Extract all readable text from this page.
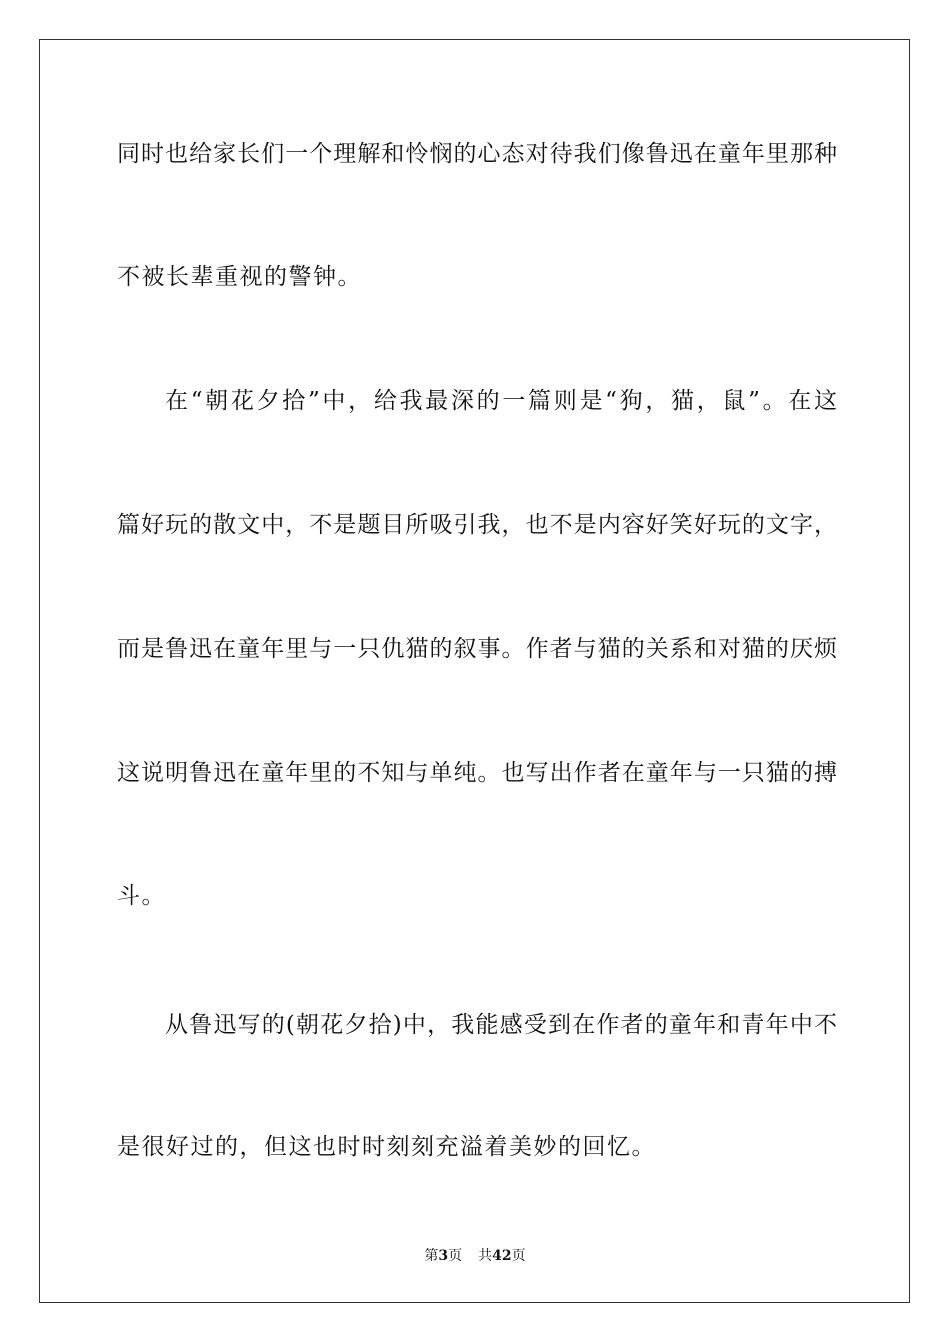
同时也给家长们一个理解和怜悯的心态对待我们像鲁迅在童年里那种
不被长辈重视的警钟。
在“朝花夕拾”中，给我最深的一篇则是“狗，猫，鼠”。在这
篇好玩的散文中，不是题目所吸引我，也不是内容好笑好玩的文字，
而是鲁迅在童年里与一只仇猫的叙事。作者与猫的关系和对猫的厌烦
这说明鲁迅在童年里的不知与单纯。也写出作者在童年与一只猫的搏
斗。
从鲁迅写的(朝花夕拾)中，我能感受到在作者的童年和青年中不
是很好过的，但这也时时刻刻充溢着美妙的回忆。
第3页 共42页
